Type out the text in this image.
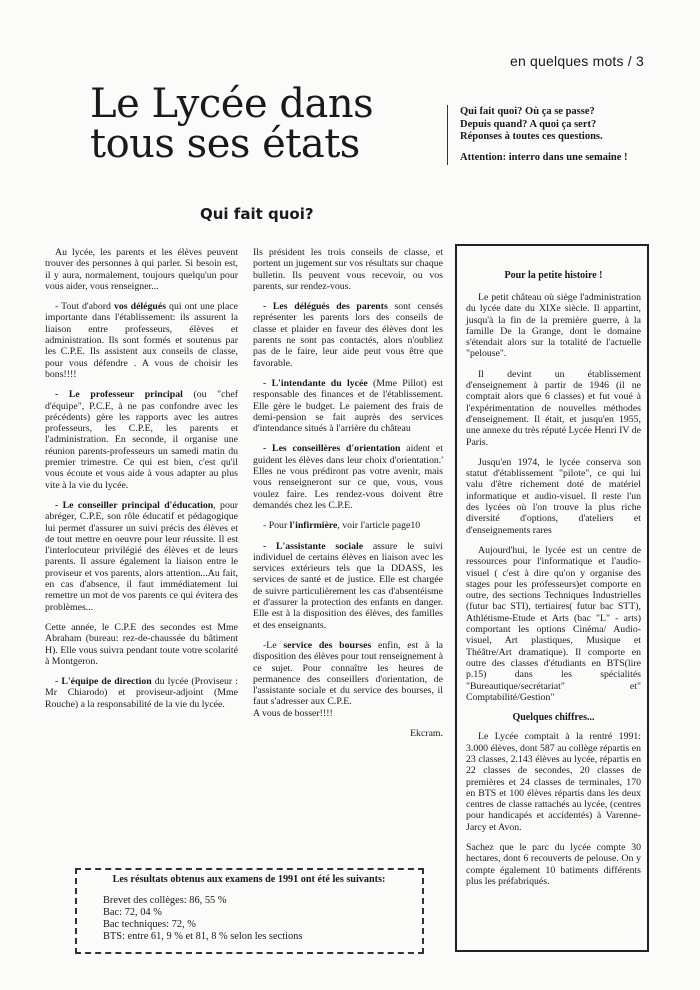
en quelques mots / 3
Le Lycée dans
tous ses états

Qui fait quoi? Où ça se passe?

Depuis quand? A quoi ça sert?

Réponses à toutes ces questions.

Attention: interro dans une semaine !

Qui fait quoi?

Au lycée, les parents et les élèves peuvent trouver des personnes à qui parler. Si besoin est, il y aura, normalement, toujours quelqu'un pour vous aider, vous renseigner...

- Tout d'abord vos délégués qui ont une place importante dans l'établissement: ils assurent la liaison entre professeurs, élèves et administration. Ils sont formés et soutenus par les C.P.E. Ils assistent aux conseils de classe, pour vous défendre . A vous de choisir les bons!!!!

- Le professeur principal (ou "chef d'équipe", P.C.E, à ne pas confondre avec les précédents) gère les rapports avec les autres professeurs, les C.P.E, les parents et l'administration. En seconde, il organise une réunion parents-professeurs un samedi matin du premier trimestre. Ce qui est bien, c'est qu'il vous écoute et vous aide à vous adapter au plus vite à la vie du lycée.

- Le conseiller principal d'éducation, pour abréger, C.P.E, son rôle éducatif et pédagogique lui permet d'assurer un suivi précis des élèves et de tout mettre en oeuvre pour leur réussite. Il est l'interlocuteur privilégié des élèves et de leurs parents. Il assure également la liaison entre le proviseur et vos parents, alors attention...Au fait, en cas d'absence, il faut immédiatement lui remettre un mot de vos parents ce qui évitera des problèmes...

Cette année, le C.P.E des secondes est Mme Abraham (bureau: rez-de-chaussée du bâtiment H). Elle vous suivra pendant toute votre scolarité à Montgeron.

- L'équipe de direction du lycée (Proviseur : Mr Chiarodo) et proviseur-adjoint (Mme Rouche) a la responsabilité de la vie du lycée.

Ils président les trois conseils de classe, et portent un jugement sur vos résultats sur chaque bulletin. Ils peuvent vous recevoir, ou vos parents, sur rendez-vous.

- Les délégués des parents sont censés représenter les parents lors des conseils de classe et plaider en faveur des élèves dont les parents ne sont pas contactés, alors n'oubliez pas de le faire, leur aide peut vous être que favorable.

- L'intendante du lycée (Mme Pillot) est responsable des finances et de l'établissement. Elle gère le budget. Le paiement des frais de demi-pension se fait auprès des services d'intendance situés à l'arrière du château

- Les conseillères d'orientation aident et guident les élèves dans leur choix d'orientation.' Elles ne vous prédiront pas votre avenir, mais vous renseigneront sur ce que, vous, vous voulez faire. Les rendez-vous doivent être demandés chez les C.P.E.

- Pour l'infirmière, voir l'article page10

- L'assistante sociale assure le suivi individuel de certains élèves en liaison avec les services extérieurs tels que la DDASS, les services de santé et de justice. Elle est chargée de suivre particulièrement les cas d'absentéisme et d'assurer la protection des enfants en danger. Elle est à la disposition des élèves, des familles et des enseignants.

-Le service des bourses enfin, est à la disposition des élèves pour tout renseignement à ce sujet. Pour connaître les heures de permanence des conseillers d'orientation, de l'assistante sociale et du service des bourses, il faut s'adresser aux C.P.E.

A vous de bosser!!!!

Ekcram.
Pour la petite histoire !

Le petit château où siège l'administration du lycée date du XIXe siècle. Il appartint, jusqu'à la fin de la première guerre, à la famille De la Grange, dont le domaine s'étendait alors sur la totalité de l'actuelle "pelouse".

Il devint un établissement d'enseignement à partir de 1946 (il ne comptait alors que 6 classes) et fut voué à l'expérimentation de nouvelles méthodes d'enseignement. Il était, et jusqu'en 1955, une annexe du très réputé Lycée Henri IV de Paris.

Jusqu'en 1974, le lycée conserva son statut d'établissement "pilote", ce qui lui valu d'être richement doté de matériel informatique et audio-visuel. Il reste l'un des lycées où l'on trouve la plus riche diversité d'options, d'ateliers et d'enseignements rares

Aujourd'hui, le lycée est un centre de ressources pour l'informatique et l'audio-visuel ( c'est à dire qu'on y organise des stages pour les professeurs)et comporte en outre, des sections Techniques Industrielles (futur bac STI), tertiaires( futur bac STT), Athlétisme-Etude et Arts (bac "L" - arts) comportant les options Cinéma/ Audio-visuel, Art plastiques, Musique et Théâtre/Art dramatique). Il comporte en outre des classes d'étudiants en BTS(lire p.15) dans les spécialités "Bureautique/secrétariat" et" Comptabilité/Gestion"

Quelques chiffres...

Le Lycée comptait à la rentré 1991: 3.000 élèves, dont 587 au collège répartis en 23 classes, 2.143 élèves au lycée, répartis en 22 classes de secondes, 20 classes de premières et 24 classes de terminales, 170 en BTS et 100 élèves répartis dans les deux centres de classe rattachés au lycée, (centres pour handicapés et accidentés) à Varenne-Jarcy et Avon.

Sachez que le parc du lycée compte 30 hectares, dont 6 recouverts de pelouse. On y compte également 10 batiments différents plus les préfabriqués.

Les résultats obtenus aux examens de 1991 ont été les suivants:
Brevet des collèges: 86, 55 %
Bac: 72, 04 %
Bac techniques: 72, %
BTS: entre 61, 9 % et 81, 8 % selon les sections
